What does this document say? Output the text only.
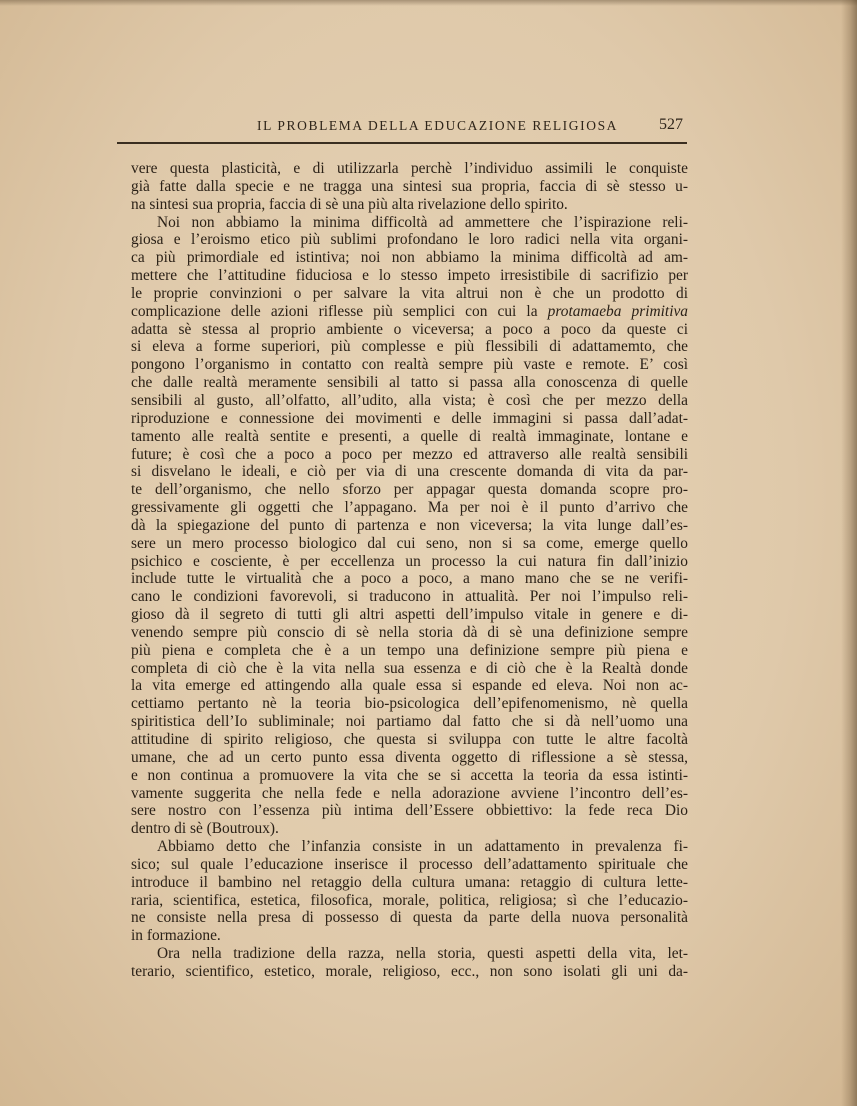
IL PROBLEMA DELLA EDUCAZIONE RELIGIOSA	527
vere questa plasticità, e di utilizzarla perchè l’individuo assimili le conquiste
già fatte dalla specie e ne tragga una sintesi sua propria, faccia di sè stesso u-
na sintesi sua propria, faccia di sè una più alta rivelazione dello spirito.
Noi non abbiamo la minima difficoltà ad ammettere che l’ispirazione reli-
giosa e l’eroismo etico più sublimi profondano le loro radici nella vita organi-
ca più primordiale ed istintiva; noi non abbiamo la minima difficoltà ad am-
mettere che l’attitudine fiduciosa e lo stesso impeto irresistibile di sacrifizio per
le proprie convinzioni o per salvare la vita altrui non è che un prodotto di
complicazione delle azioni riflesse più semplici con cui la protamaeba primitiva
adatta sè stessa al proprio ambiente o viceversa; a poco a poco da queste ci
si eleva a forme superiori, più complesse e più flessibili di adattamemto, che
pongono l’organismo in contatto con realtà sempre più vaste e remote. E’ così
che dalle realtà meramente sensibili al tatto si passa alla conoscenza di quelle
sensibili al gusto, all’olfatto, all’udito, alla vista; è così che per mezzo della
riproduzione e connessione dei movimenti e delle immagini si passa dall’adat-
tamento alle realtà sentite e presenti, a quelle di realtà immaginate, lontane e
future; è così che a poco a poco per mezzo ed attraverso alle realtà sensibili
si disvelano le ideali, e ciò per via di una crescente domanda di vita da par-
te dell’organismo, che nello sforzo per appagar questa domanda scopre pro-
gressivamente gli oggetti che l’appagano. Ma per noi è il punto d’arrivo che
dà la spiegazione del punto di partenza e non viceversa; la vita lunge dall’es-
sere un mero processo biologico dal cui seno, non si sa come, emerge quello
psichico e cosciente, è per eccellenza un processo la cui natura fin dall’inizio
include tutte le virtualità che a poco a poco, a mano mano che se ne verifi-
cano le condizioni favorevoli, si traducono in attualità. Per noi l’impulso reli-
gioso dà il segreto di tutti gli altri aspetti dell’impulso vitale in genere e di-
venendo sempre più conscio di sè nella storia dà di sè una definizione sempre
più piena e completa che è a un tempo una definizione sempre più piena e
completa di ciò che è la vita nella sua essenza e di ciò che è la Realtà donde
la vita emerge ed attingendo alla quale essa si espande ed eleva. Noi non ac-
cettiamo pertanto nè la teoria bio-psicologica dell’epifenomenismo, nè quella
spiritistica dell’Io subliminale; noi partiamo dal fatto che si dà nell’uomo una
attitudine di spirito religioso, che questa si sviluppa con tutte le altre facoltà
umane, che ad un certo punto essa diventa oggetto di riflessione a sè stessa,
e non continua a promuovere la vita che se si accetta la teoria da essa istinti-
vamente suggerita che nella fede e nella adorazione avviene l’incontro dell’es-
sere nostro con l’essenza più intima dell’Essere obbiettivo: la fede reca Dio
dentro di sè (Boutroux).
Abbiamo detto che l’infanzia consiste in un adattamento in prevalenza fi-
sico; sul quale l’educazione inserisce il processo dell’adattamento spirituale che
introduce il bambino nel retaggio della cultura umana: retaggio di cultura lette-
raria, scientifica, estetica, filosofica, morale, politica, religiosa; sì che l’educazio-
ne consiste nella presa di possesso di questa da parte della nuova personalità
in formazione.
Ora nella tradizione della razza, nella storia, questi aspetti della vita, let-
terario, scientifico, estetico, morale, religioso, ecc., non sono isolati gli uni da-
